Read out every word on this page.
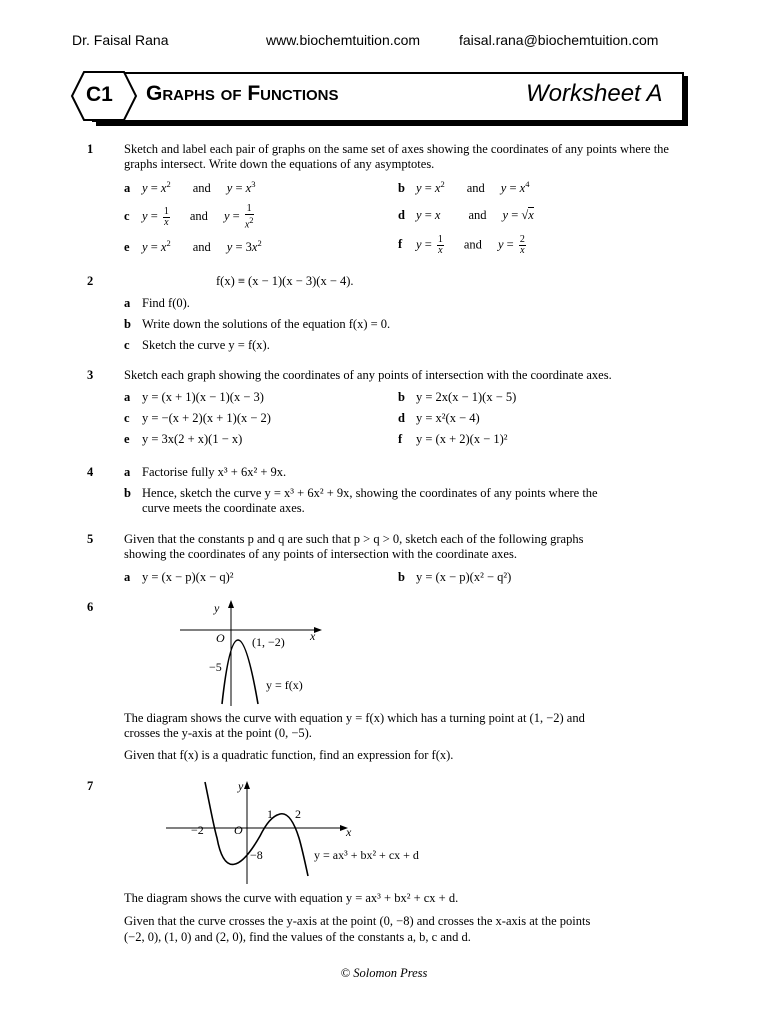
Dr. Faisal Rana	www.biochemtuition.com	faisal.rana@biochemtuition.com
C1 Graphs of Functions	Worksheet A
1 Sketch and label each pair of graphs on the same set of axes showing the coordinates of any points where the graphs intersect. Write down the equations of any asymptotes.
a $y = x^2$ and $y = x^3$	b $y = x^2$ and $y = x^4$
c $y = \frac{1}{x}$ and $y = \frac{1}{x^2}$	d y = x and y = √x
e $y = x^2$ and $y = 3x^2$	f $y = \frac{1}{x}$ and $y = \frac{2}{x}$
2	f(x) ≡ (x − 1)(x − 3)(x − 4).
a Find f(0).
b Write down the solutions of the equation f(x) = 0.
c Sketch the curve y = f(x).
3 Sketch each graph showing the coordinates of any points of intersection with the coordinate axes.
a y = (x + 1)(x − 1)(x − 3)	b y = 2x(x − 1)(x − 5)
c y = −(x + 2)(x + 1)(x − 2)	d y = x²(x − 4)
e y = 3x(2 + x)(1 − x)	f y = (x + 2)(x − 1)²
4 a Factorise fully x³ + 6x² + 9x.
b Hence, sketch the curve y = x³ + 6x² + 9x, showing the coordinates of any points where the
curve meets the coordinate axes.
5 Given that the constants p and q are such that p > q > 0, sketch each of the following graphs
showing the coordinates of any points of intersection with the coordinate axes.
a y = (x − p)(x − q)²	b y = (x − p)(x² − q²)
6	y
x
O (1, −2)
−5
y = f(x)
The diagram shows the curve with equation y = f(x) which has a turning point at (1, −2) and
crosses the y-axis at the point (0, −5).
Given that f(x) is a quadratic function, find an expression for f(x).
7	y
x
O
−2
1 2
−8	y = ax³ + bx² + cx + d
The diagram shows the curve with equation y = ax³ + bx² + cx + d.
Given that the curve crosses the y-axis at the point (0, −8) and crosses the x-axis at the points
(−2, 0), (1, 0) and (2, 0), find the values of the constants a, b, c and d.
© Solomon Press
